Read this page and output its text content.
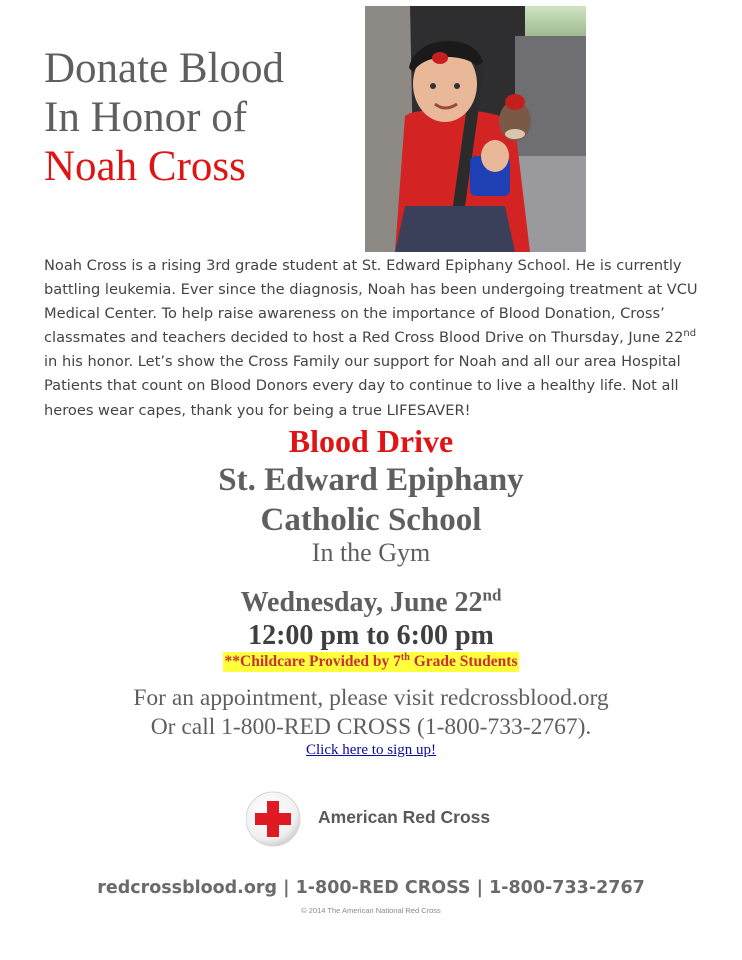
Donate Blood
In Honor of
Noah Cross
Noah Cross is a rising 3rd grade student at St. Edward Epiphany School. He is currently battling leukemia. Ever since the diagnosis, Noah has been undergoing treatment at VCU Medical Center. To help raise awareness on the importance of Blood Donation, Cross’ classmates and teachers decided to host a Red Cross Blood Drive on Thursday, June 22nd in his honor. Let’s show the Cross Family our support for Noah and all our area Hospital Patients that count on Blood Donors every day to continue to live a healthy life. Not all heroes wear capes, thank you for being a true LIFESAVER!
Blood Drive
St. Edward Epiphany
Catholic School
In the Gym
Wednesday, June 22nd
12:00 pm to 6:00 pm
**Childcare Provided by 7th Grade Students
For an appointment, please visit redcrossblood.org
Or call 1-800-RED CROSS (1-800-733-2767).
Click here to sign up!
American Red Cross
redcrossblood.org | 1-800-RED CROSS | 1-800-733-2767
© 2014 The American National Red Cross
